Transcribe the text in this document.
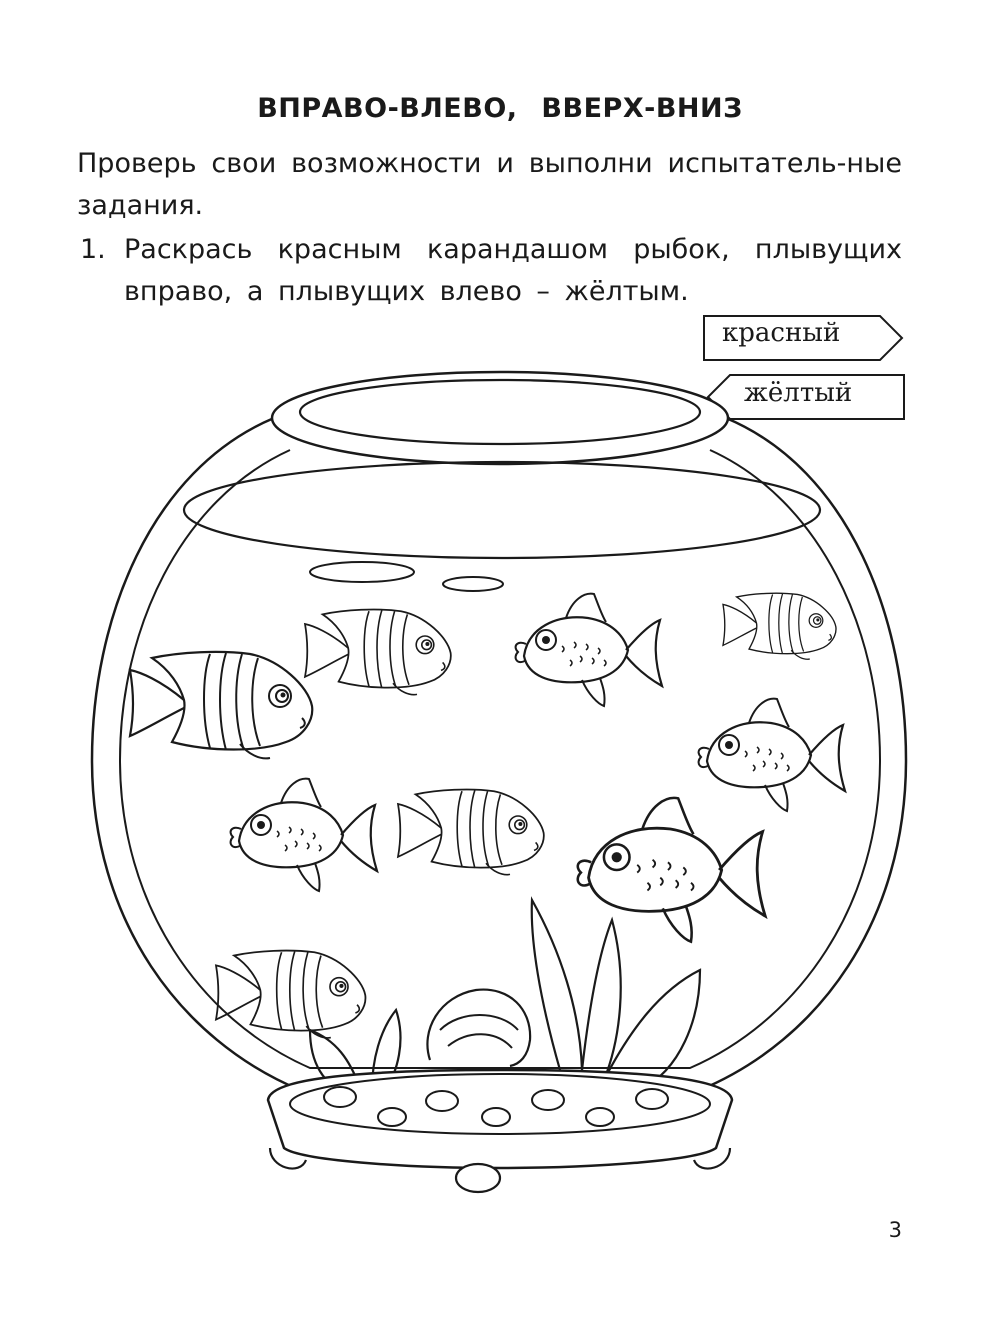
ВПРАВО-ВЛЕВО, ВВЕРХ-ВНИЗ
Проверь свои возможности и выполни испытатель-ные задания.
1. Раскрась красным карандашом рыбок, плывущих вправо, а плывущих влево – жёлтым.
красный
жёлтый
3
